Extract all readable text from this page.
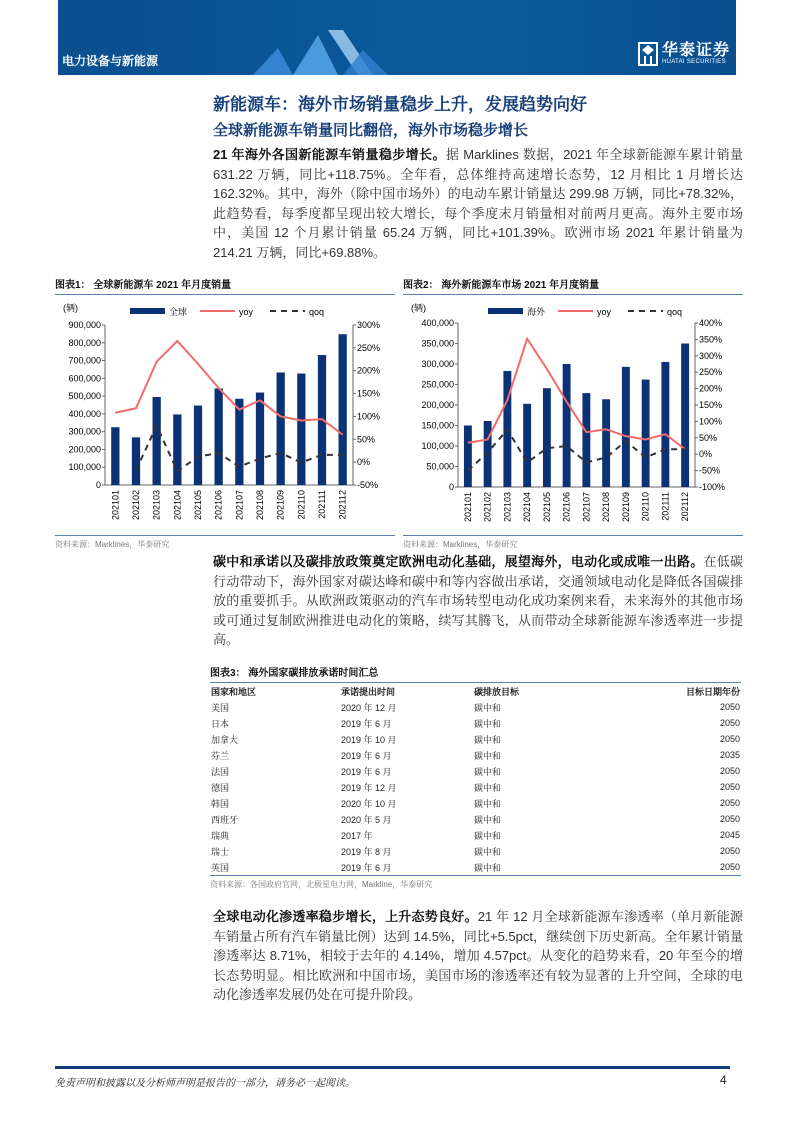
电力设备与新能源
华泰证券
HUATAI SECURITIES
新能源车：海外市场销量稳步上升，发展趋势向好
全球新能源车销量同比翻倍，海外市场稳步增长
21 年海外各国新能源车销量稳步增长。据 Marklines 数据，2021 年全球新能源车累计销量 631.22 万辆，同比+118.75%。全年看，总体维持高速增长态势，12 月相比 1 月增长达 162.32%。其中，海外（除中国市场外）的电动车累计销量达 299.98 万辆，同比+78.32%，此趋势看，每季度都呈现出较大增长，每个季度末月销量相对前两月更高。海外主要市场中，美国 12 个月累计销量 65.24 万辆，同比+101.39%。欧洲市场 2021 年累计销量为 214.21 万辆，同比+69.88%。
图表1： 全球新能源车 2021 年月度销量
(辆)	全球	yoy	qoq
0
100,000
200,000
300,000
400,000
500,000
600,000
700,000
800,000
900,000
-50%
0%
50%
100%
150%
200%
250%
300%
202101 202102 202103 202104 202105 202106 202107 202108 202109 202110 202111 202112
资料来源：Marklines，华泰研究
图表2： 海外新能源车市场 2021 年月度销量
(辆)	海外	yoy	qoq
0
50,000
100,000
150,000
200,000
250,000
300,000
350,000
400,000
-100%
-50%
0%
50%
100%
150%
200%
250%
300%
350%
400%
202101 202102 202103 202104 202105 202106 202107 202108 202109 202110 202111 202112
资料来源：Marklines，华泰研究
碳中和承诺以及碳排放政策奠定欧洲电动化基础，展望海外，电动化或成唯一出路。在低碳行动带动下，海外国家对碳达峰和碳中和等内容做出承诺，交通领域电动化是降低各国碳排放的重要抓手。从欧洲政策驱动的汽车市场转型电动化成功案例来看，未来海外的其他市场或可通过复制欧洲推进电动化的策略，续写其腾飞，从而带动全球新能源车渗透率进一步提高。
图表3： 海外国家碳排放承诺时间汇总
国家和地区	承诺提出时间	碳排放目标	目标日期年份
美国	2020 年 12 月	碳中和	2050
日本	2019 年 6 月	碳中和	2050
加拿大	2019 年 10 月	碳中和	2050
芬兰	2019 年 6 月	碳中和	2035
法国	2019 年 6 月	碳中和	2050
德国	2019 年 12 月	碳中和	2050
韩国	2020 年 10 月	碳中和	2050
西班牙	2020 年 5 月	碳中和	2050
瑞典	2017 年	碳中和	2045
瑞士	2019 年 8 月	碳中和	2050
英国	2019 年 6 月	碳中和	2050
资料来源：各国政府官网，北极星电力网，Markline，华泰研究
全球电动化渗透率稳步增长，上升态势良好。21 年 12 月全球新能源车渗透率（单月新能源车销量占所有汽车销量比例）达到 14.5%，同比+5.5pct，继续创下历史新高。全年累计销量渗透率达 8.71%，相较于去年的 4.14%，增加 4.57pct。从变化的趋势来看，20 年至今的增长态势明显。相比欧洲和中国市场，美国市场的渗透率还有较为显著的上升空间，全球的电动化渗透率发展仍处在可提升阶段。
免责声明和披露以及分析师声明是报告的一部分，请务必一起阅读。	4
